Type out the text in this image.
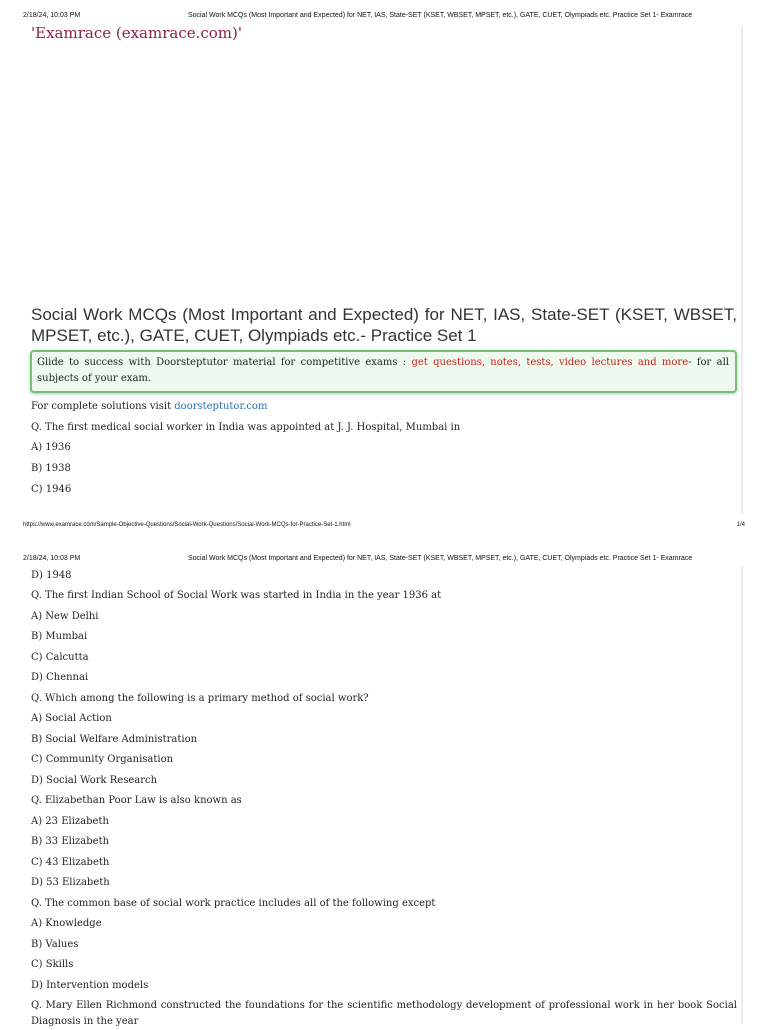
2/18/24, 10:03 PM	Social Work MCQs (Most Important and Expected) for NET, IAS, State-SET (KSET, WBSET, MPSET, etc.), GATE, CUET, Olympiads etc. Practice Set 1- Examrace
'Examrace (examrace.com)'
Social Work MCQs (Most Important and Expected) for NET, IAS, State-SET (KSET, WBSET, MPSET, etc.), GATE, CUET, Olympiads etc.- Practice Set 1
Glide to success with Doorsteptutor material for competitive exams : get questions, notes, tests, video lectures and more- for all subjects of your exam.
For complete solutions visit doorsteptutor.com
Q. The first medical social worker in India was appointed at J. J. Hospital, Mumbai in
A) 1936
B) 1938
C) 1946
https://www.examrace.com/Sample-Objective-Questions/Social-Work-Questions/Social-Work-MCQs-for-Practice-Set-1.html	1/4
2/18/24, 10:03 PM	Social Work MCQs (Most Important and Expected) for NET, IAS, State-SET (KSET, WBSET, MPSET, etc.), GATE, CUET, Olympiads etc. Practice Set 1- Examrace
D) 1948
Q. The first Indian School of Social Work was started in India in the year 1936 at
A) New Delhi
B) Mumbai
C) Calcutta
D) Chennai
Q. Which among the following is a primary method of social work?
A) Social Action
B) Social Welfare Administration
C) Community Organisation
D) Social Work Research
Q. Elizabethan Poor Law is also known as
A) 23 Elizabeth
B) 33 Elizabeth
C) 43 Elizabeth
D) 53 Elizabeth
Q. The common base of social work practice includes all of the following except
A) Knowledge
B) Values
C) Skills
D) Intervention models
Q. Mary Ellen Richmond constructed the foundations for the scientific methodology development of professional work in her book Social Diagnosis in the year
